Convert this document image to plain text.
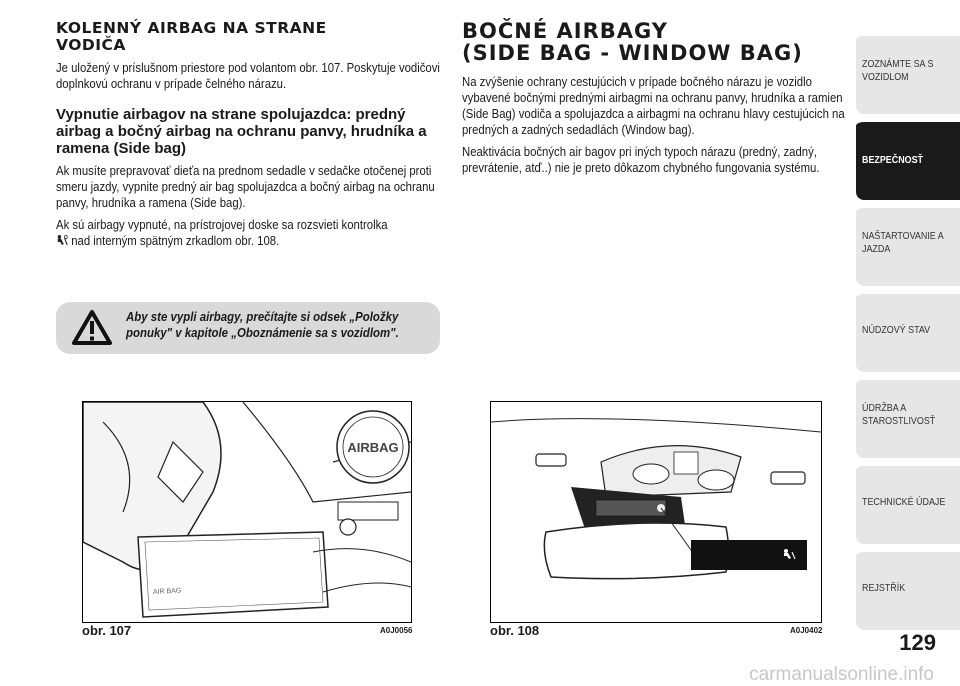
KOLENNÝ AIRBAG NA STRANE
VODIČA
Je uložený v príslušnom priestore pod volantom obr. 107. Poskytuje vodičovi doplnkovú ochranu v prípade čelného nárazu.
Vypnutie airbagov na strane spolujazdca: predný airbag a bočný airbag na ochranu panvy, hrudníka a ramena (Side bag)
Ak musíte prepravovať dieťa na prednom sedadle v sedačke otočenej proti smeru jazdy, vypnite predný air bag spolujazdca a bočný airbag na ochranu panvy, hrudníka a ramena (Side bag).
Ak sú airbagy vypnuté, na prístrojovej doske sa rozsvieti kontrolka
nad interným spätným zrkadlom obr. 108.
Aby ste vypli airbagy, prečítajte si odsek „Položky ponuky" v kapitole „Oboznámenie sa s vozidlom".
BOČNÉ AIRBAGY
(SIDE BAG - WINDOW BAG)
Na zvýšenie ochrany cestujúcich v prípade bočného nárazu je vozidlo vybavené bočnými prednými airbagmi na ochranu panvy, hrudníka a ramien (Side Bag) vodiča a spolujazdca a airbagmi na ochranu hlavy cestujúcich na predných a zadných sedadlách (Window bag).
Neaktivácia bočných air bagov pri iných typoch nárazu (predný, zadný, prevrátenie, atď..) nie je preto dôkazom chybného fungovania systému.
AIRBAG
AIR BAG
obr. 107	A0J0056	obr. 108	A0J0402
ZOZNÁMTE SA S VOZIDLOM
BEZPEČNOSŤ
NAŠTARTOVANIE A JAZDA
NÚDZOVÝ STAV
ÚDRŽBA A STAROSTLIVOSŤ
TECHNICKÉ ÚDAJE
REJSTŘÍK
129
carmanualsonline.info
